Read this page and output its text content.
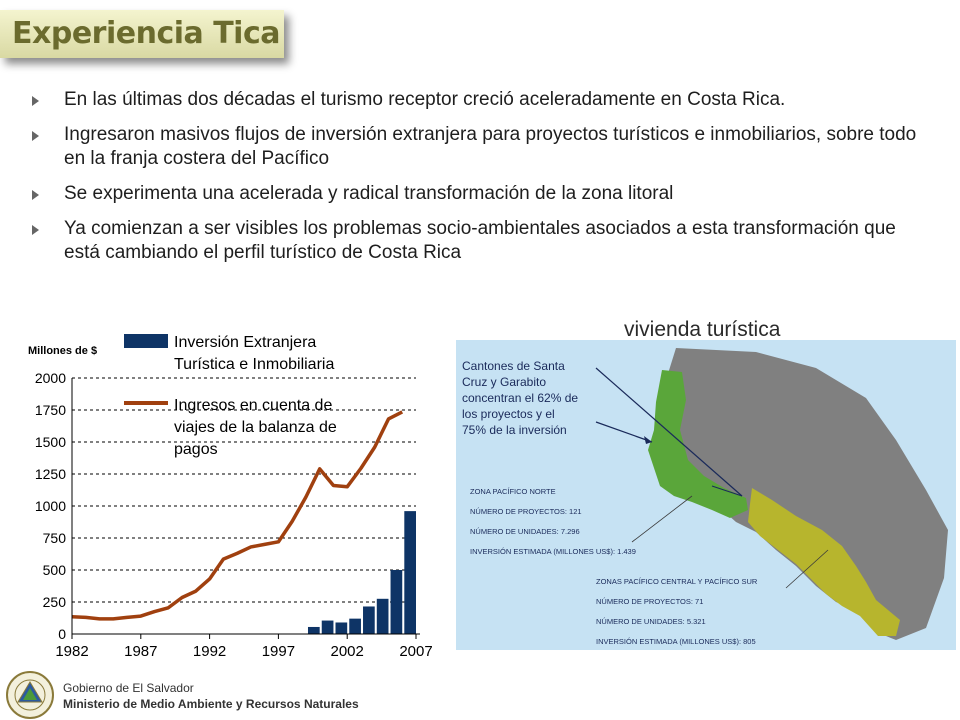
Experiencia Tica
En las últimas dos décadas el turismo receptor creció aceleradamente en Costa Rica.
Ingresaron masivos flujos de inversión extranjera para proyectos turísticos e inmobiliarios, sobre todo en la franja costera del Pacífico
Se experimenta una acelerada y radical transformación de la zona litoral
Ya comienzan a ser visibles los problemas socio-ambientales asociados a esta transformación que está cambiando el perfil turístico de Costa Rica
0
250
500
750
1000
1250
1500
1750
2000
1982 1987 1992 1997 2002 2007
Millones de $	Inversión Extranjera
Turística e Inmobiliaria
Ingresos en cuenta de
viajes de la balanza de
pagos
vivienda turística
Cantones de Santa
Cruz y Garabito
concentran el 62% de
los proyectos y el
75% de la inversión
ZONA PACÍFICO NORTE
NÚMERO DE PROYECTOS: 121
NÚMERO DE UNIDADES: 7.296
INVERSIÓN ESTIMADA (MILLONES US$): 1.439
ZONAS PACÍFICO CENTRAL Y PACÍFICO SUR
NÚMERO DE PROYECTOS: 71
NÚMERO DE UNIDADES: 5.321
INVERSIÓN ESTIMADA (MILLONES US$): 805
Gobierno de El Salvador
Ministerio de Medio Ambiente y Recursos Naturales
